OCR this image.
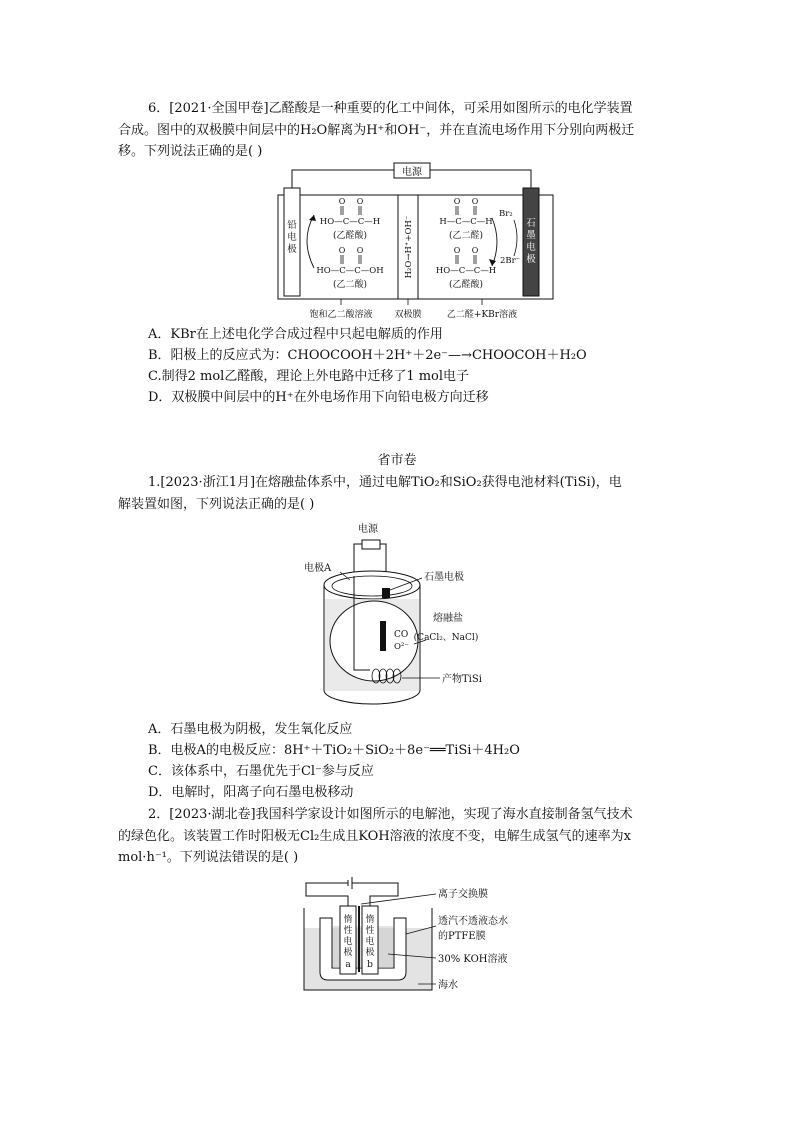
6．[2021·全国甲卷]乙醛酸是一种重要的化工中间体，可采用如图所示的电化学装置
合成。图中的双极膜中间层中的H₂O解离为H⁺和OH⁻，并在直流电场作用下分别向两极迁
移。下列说法正确的是( )
电源
铅
电
极
石
墨
电
极
H₂O→H⁺+OH⁻
O O
HO—C—C—H
(乙醛酸)
O O
HO—C—C—OH
(乙二酸)
O O
H—C—C—H
(乙二醛)
O O
HO—C—C—H
(乙醛酸)
Br₂
2Br⁻
饱和乙二酸溶液 双极膜	乙二醛+KBr溶液
A．KBr在上述电化学合成过程中只起电解质的作用
B．阳极上的反应式为：CHOOCOOH＋2H⁺＋2e⁻—→CHOOCOH＋H₂O
C.制得2 mol乙醛酸，理论上外电路中迁移了1 mol电子
D．双极膜中间层中的H⁺在外电场作用下向铅电极方向迁移
省市卷
1.[2023·浙江1月]在熔融盐体系中，通过电解TiO₂和SiO₂获得电池材料(TiSi)，电
解装置如图，下列说法正确的是( )
电源
CO
O²⁻
电极A
石墨电极
熔融盐
(CaCl₂、NaCl)
产物TiSi
A．石墨电极为阴极，发生氧化反应
B．电极A的电极反应：8H⁺＋TiO₂＋SiO₂＋8e⁻══TiSi＋4H₂O
C．该体系中，石墨优先于Cl⁻参与反应
D．电解时，阳离子向石墨电极移动
2．[2023·湖北卷]我国科学家设计如图所示的电解池，实现了海水直接制备氢气技术
的绿色化。该装置工作时阳极无Cl₂生成且KOH溶液的浓度不变，电解生成氢气的速率为x
mol·h⁻¹。下列说法错误的是( )
惰
性
电
极
a
惰
性
电
极
b
离子交换膜
透汽不透液态水
的PTFE膜
30% KOH溶液
海水
